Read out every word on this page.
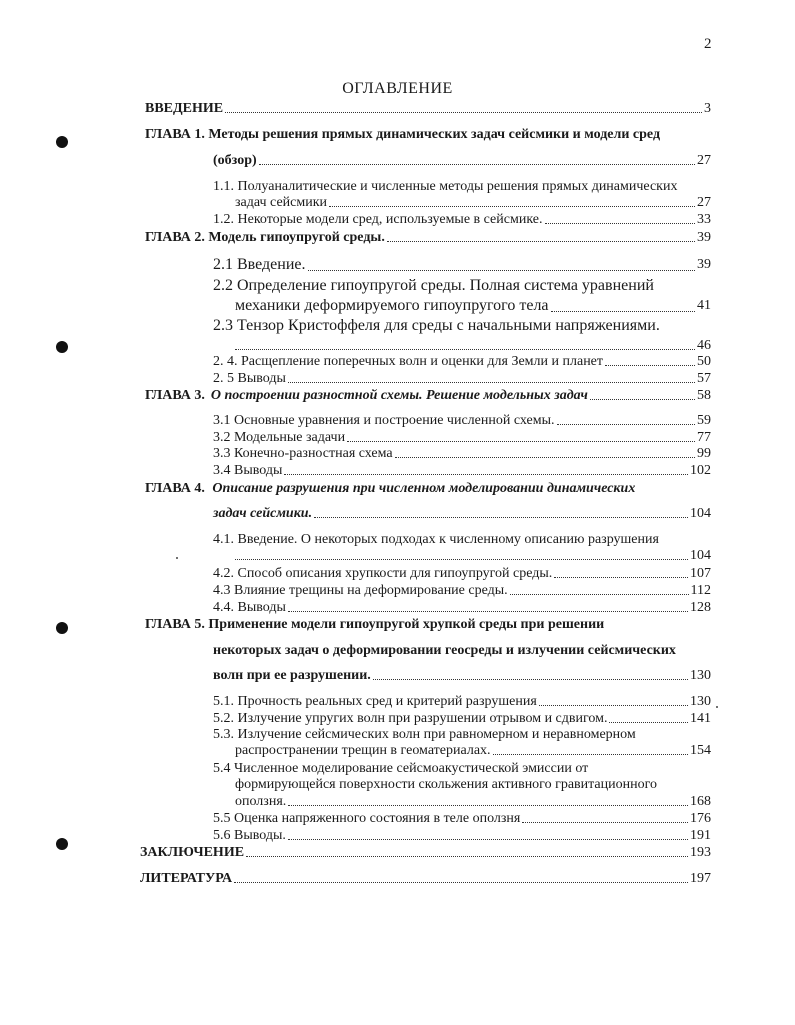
2
ОГЛАВЛЕНИЕ
ВВЕДЕНИЕ	3
ГЛАВА 1. Методы решения прямых динамических задач сейсмики и модели сред
(обзор)	27
1.1. Полуаналитические и численные методы решения прямых динамических
задач сейсмики	27
1.2. Некоторые модели сред, используемые в сейсмике.	33
ГЛАВА 2. Модель гипоупругой среды.	39
2.1 Введение.	39
2.2 Определение гипоупругой среды. Полная система уравнений
механики деформируемого гипоупругого тела	41
2.3 Тензор Кристоффеля для среды с начальными напряжениями.
46
2. 4. Расщепление поперечных волн и оценки для Земли и планет	50
2. 5 Выводы	57
ГЛАВА 3. О построении разностной схемы. Решение модельных задач	58
3.1 Основные уравнения и построение численной схемы.	59
3.2 Модельные задачи	77
3.3 Конечно-разностная схема	99
3.4 Выводы	102
ГЛАВА 4. Описание разрушения при численном моделировании динамических
задач сейсмики.	104
4.1. Введение. О некоторых подходах к численному описанию разрушения
104
4.2. Способ описания хрупкости для гипоупругой среды.	107
4.3 Влияние трещины на деформирование среды.	112
4.4. Выводы	128
ГЛАВА 5. Применение модели гипоупругой хрупкой среды при решении
некоторых задач о деформировании геосреды и излучении сейсмических
волн при ее разрушении.	130
5.1. Прочность реальных сред и критерий разрушения	130
5.2. Излучение упругих волн при разрушении отрывом и сдвигом.	141
5.3. Излучение сейсмических волн при равномерном и неравномерном
распространении трещин в геоматериалах.	154
5.4 Численное моделирование сейсмоакустической эмиссии от
формирующейся поверхности скольжения активного гравитационного
оползня.	168
5.5 Оценка напряженного состояния в теле оползня	176
5.6 Выводы.	191
ЗАКЛЮЧЕНИЕ	193
ЛИТЕРАТУРА	197
